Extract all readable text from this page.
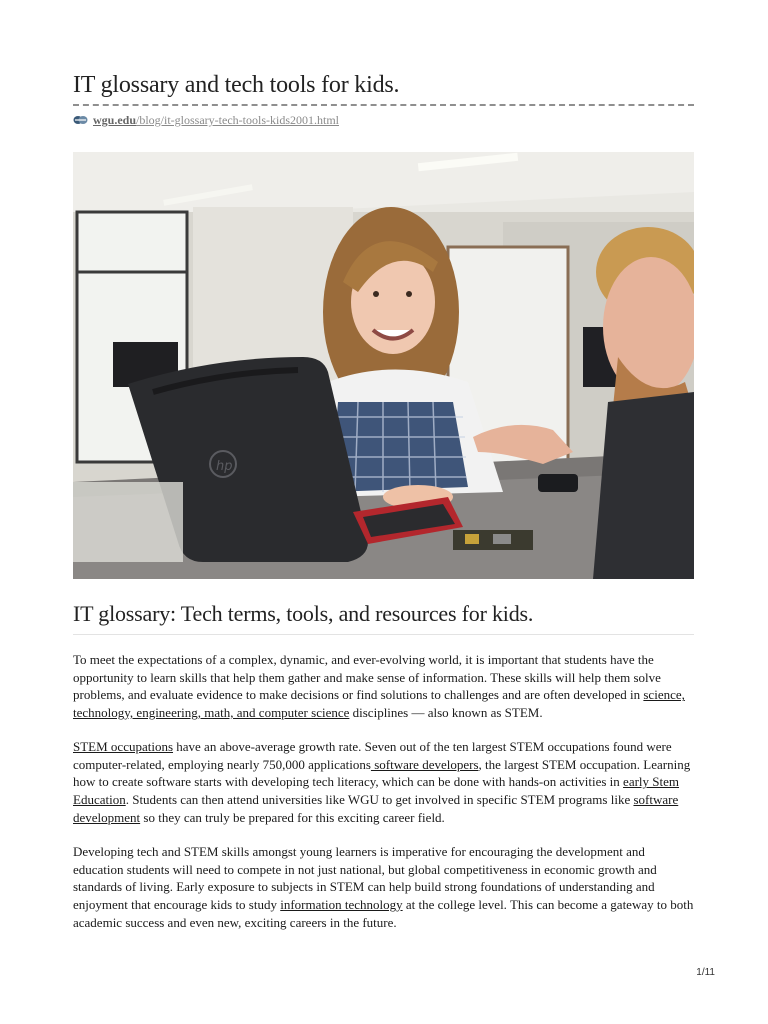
IT glossary and tech tools for kids.
wgu.edu/blog/it-glossary-tech-tools-kids2001.html
hp
IT glossary: Tech terms, tools, and resources for kids.

To meet the expectations of a complex, dynamic, and ever-evolving world, it is important that students have the opportunity to learn skills that help them gather and make sense of information. These skills will help them solve problems, and evaluate evidence to make decisions or find solutions to challenges and are often developed in science, technology, engineering, math, and computer science disciplines — also known as STEM.

STEM occupations have an above-average growth rate. Seven out of the ten largest STEM occupations found were computer-related, employing nearly 750,000 applications software developers, the largest STEM occupation. Learning how to create software starts with developing tech literacy, which can be done with hands-on activities in early Stem Education. Students can then attend universities like WGU to get involved in specific STEM programs like software development so they can truly be prepared for this exciting career field.

Developing tech and STEM skills amongst young learners is imperative for encouraging the development and education students will need to compete in not just national, but global competitiveness in economic growth and standards of living. Early exposure to subjects in STEM can help build strong foundations of understanding and enjoyment that encourage kids to study information technology at the college level. This can become a gateway to both academic success and even new, exciting careers in the future.

1/11
